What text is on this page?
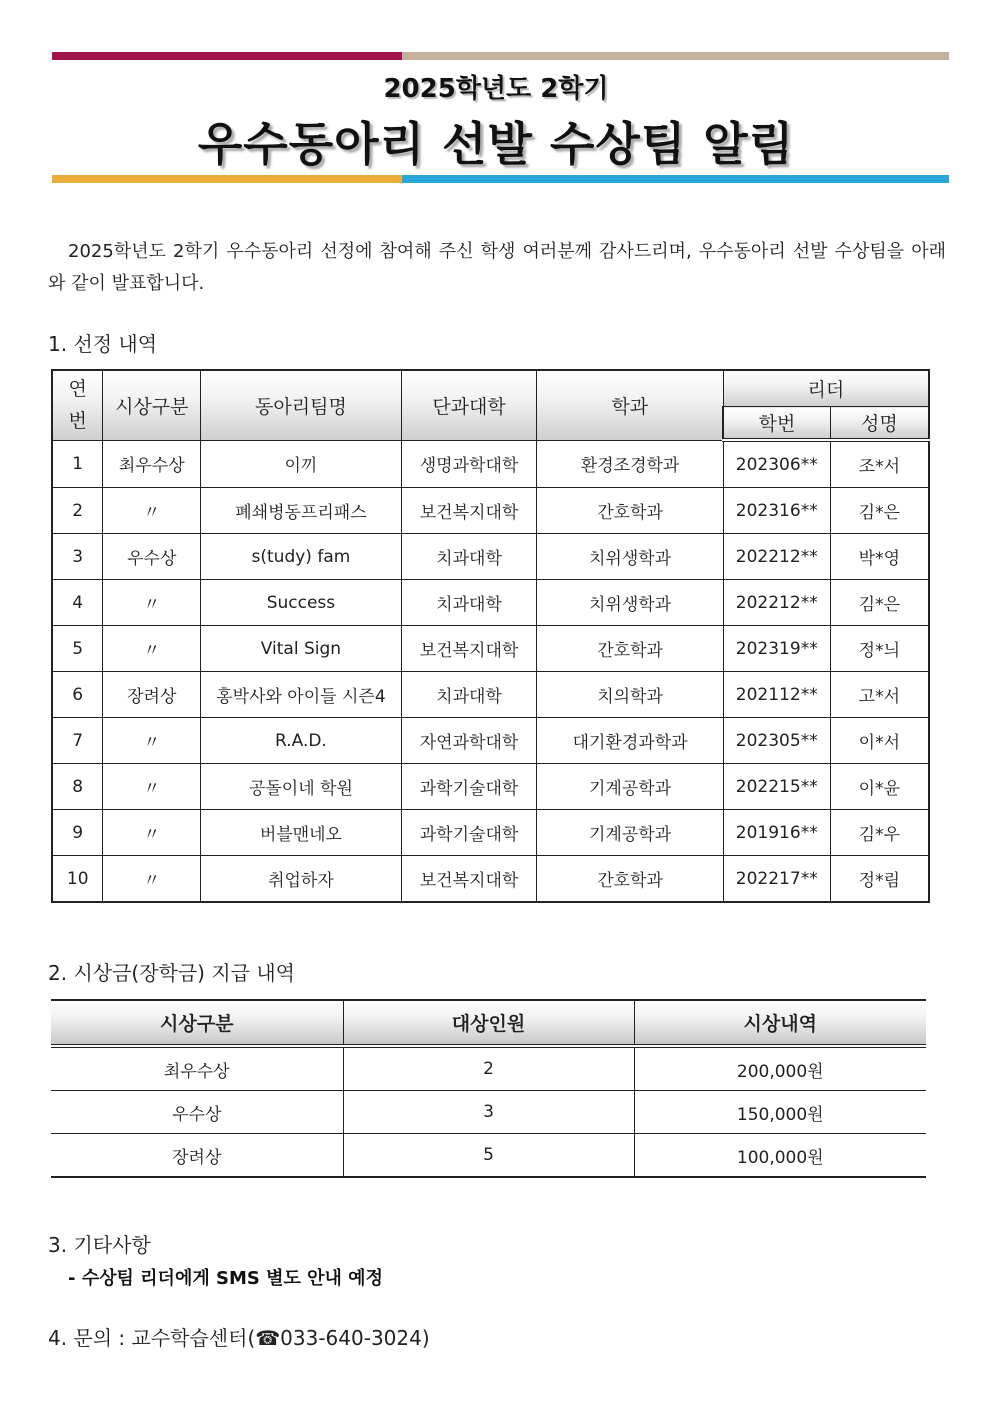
2025학년도 2학기
우수동아리 선발 수상팀 알림

2025학년도 2학기 우수동아리 선정에 참여해 주신 학생 여러분께 감사드리며, 우수동아리 선발 수상팀을 아래와 같이 발표합니다.

1. 선정 내역

연
번	시상구분	동아리팀명	단과대학	학과	리더	
					학번	성명
1	최우수상	이끼	생명과학대학	환경조경학과	202306**	조*서
2	〃	폐쇄병동프리패스	보건복지대학	간호학과	202316**	김*은
3	우수상	s(tudy) fam	치과대학	치위생학과	202212**	박*영
4	〃	Success	치과대학	치위생학과	202212**	김*은
5	〃	Vital Sign	보건복지대학	간호학과	202319**	정*늬
6	장려상	홍박사와 아이들 시즌4	치과대학	치의학과	202112**	고*서
7	〃	R.A.D.	자연과학대학	대기환경과학과	202305**	이*서
8	〃	공돌이네 학원	과학기술대학	기계공학과	202215**	이*윤
9	〃	버블맨네오	과학기술대학	기계공학과	201916**	김*우
10	〃	취업하자	보건복지대학	간호학과	202217**	정*림

2. 시상금(장학금) 지급 내역

시상구분	대상인원	시상내역
최우수상	2	200,000원
우수상	3	150,000원
장려상	5	100,000원

3. 기타사항

- 수상팀 리더에게 SMS 별도 안내 예정

4. 문의 : 교수학습센터(☎033-640-3024)
